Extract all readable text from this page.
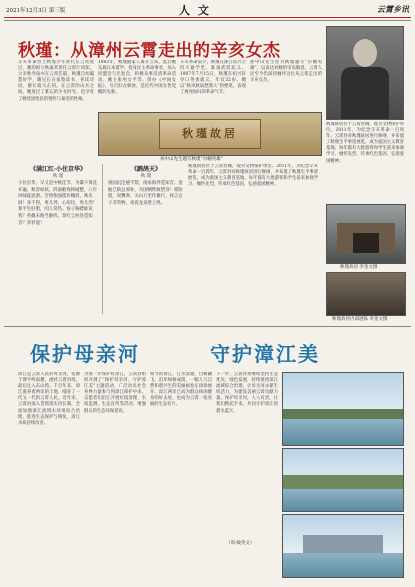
2021年12月3日 第三版	人 文	云霄乡讯
秋瑾：从漳州云霄走出的辛亥女杰
辛亥革命烈士秋瑾少年时代在云霄度过，她的祖父秋嘉禾曾任云霄厅同知，父亲秋寿南亦在云霄任职。秋瑾自幼聪慧好学，随兄长在家塾读书，喜读诗词，擅长骑马击剑。在云霄的山水之间，她度过了难忘的少女时光，也孕育了她忧国忧民的情怀与豪迈的性格。
1893年，秋瑾随家人离开云霄。此后她东渡日本留学，投身民主革命事业，加入同盟会与光复会，积极从事反清革命活动。她主张男女平等，创办《中国女报》，号召妇女解放，是近代中国女性觉醒的先驱。
辛亥革命前夕，秋瑾在浙江绍兴主持大通学堂，准备武装起义。1907年7月15日，秋瑾在绍兴轩亭口英勇就义，年仅32岁。她以“秋风秋雨愁煞人”的绝笔，表现了视死如归的革命气节。
孙中山先生曾为秋瑾题写“巾帼英雄”，以表达对她的崇高敬意。云霄人民至今仍深切缅怀这位从云霄走出的辛亥女杰。
秋瑾故居位于云霄县城，现为文物保护单位。2011年，为纪念辛亥革命一百周年，云霄县对秋瑾故居进行修缮，并布置了秋瑾生平事迹展览，成为爱国主义教育基地。每年都有大批游客和学生前来参观学习，缅怀先烈，传承红色基因，弘扬爱国精神。
秋瑾故居
孙中山先生题写秋瑾“巾帼英雄”
《满江红·小住京华》
秋 瑾
小住京华，早又是中秋佳节。为篱下黄花开遍，秋容如拭。四面歌残终破楚，八年风味徒思浙。苦将侬强派作蛾眉，殊未屑！身不得，男儿列，心却比，男儿烈！算平生肝胆，因人常热。俗子胸襟谁识我？英雄末路当磨折。莽红尘何处觅知音？青衫湿！
《鹧鸪天》
秋 瑾
祖国沉沦感不禁，闲来海外觅知音。金瓯已缺总须补，为国牺牲敢惜身！嗟险阻，叹飘零，关山万里作雄行。休言女子非英物，夜夜龙泉壁上鸣。
秋瑾故居位于云霄县城，现为文物保护单位。2011年，为纪念辛亥革命一百周年，云霄县对秋瑾故居进行修缮，并布置了秋瑾生平事迹展览，成为爱国主义教育基地。每年都有大批游客和学生前来参观学习，缅怀先烈，传承红色基因，弘扬爱国精神。
秋瑾故居 李金文摄
秋瑾故居内部展陈 李金文摄
保护母亲河	守护漳江美
漳江是云霄人民的母亲河，发源于博平岭南麓，流经云霄县境，最后注入东山湾。千百年来，漳江滋养着两岸的土地，哺育了一代又一代的云霄人民。近年来，云霄县深入贯彻落实河长制，全面加强漳江流域水环境综合治理，推进生态保护与修复，漳江水质持续改善。
为进一步保护好漳江，云霄县组织开展了“保护母亲河，守护漳江美”主题活动，广泛动员社会各界力量参与到漳江保护中来。志愿者们沿江开展垃圾清理、水质监测、生态宣传等活动，增强群众的生态环保意识。
如今的漳江，江水清澈，白鹭翩飞，沿岸绿树成荫，一幅人与自然和谐共生的美丽画卷正徐徐展开。漳江两岸已成为群众休闲健身的好去处，也成为云霄一张亮丽的生态名片。
下一步，云霄县将继续坚持生态优先、绿色发展，持续推进漳江流域综合治理，让母亲河永葆生机活力，为建设美丽云霄贡献力量。保护母亲河，人人有责，让我们携起手来，共同守护漳江的碧水蓝天。
（周·殿英文）
